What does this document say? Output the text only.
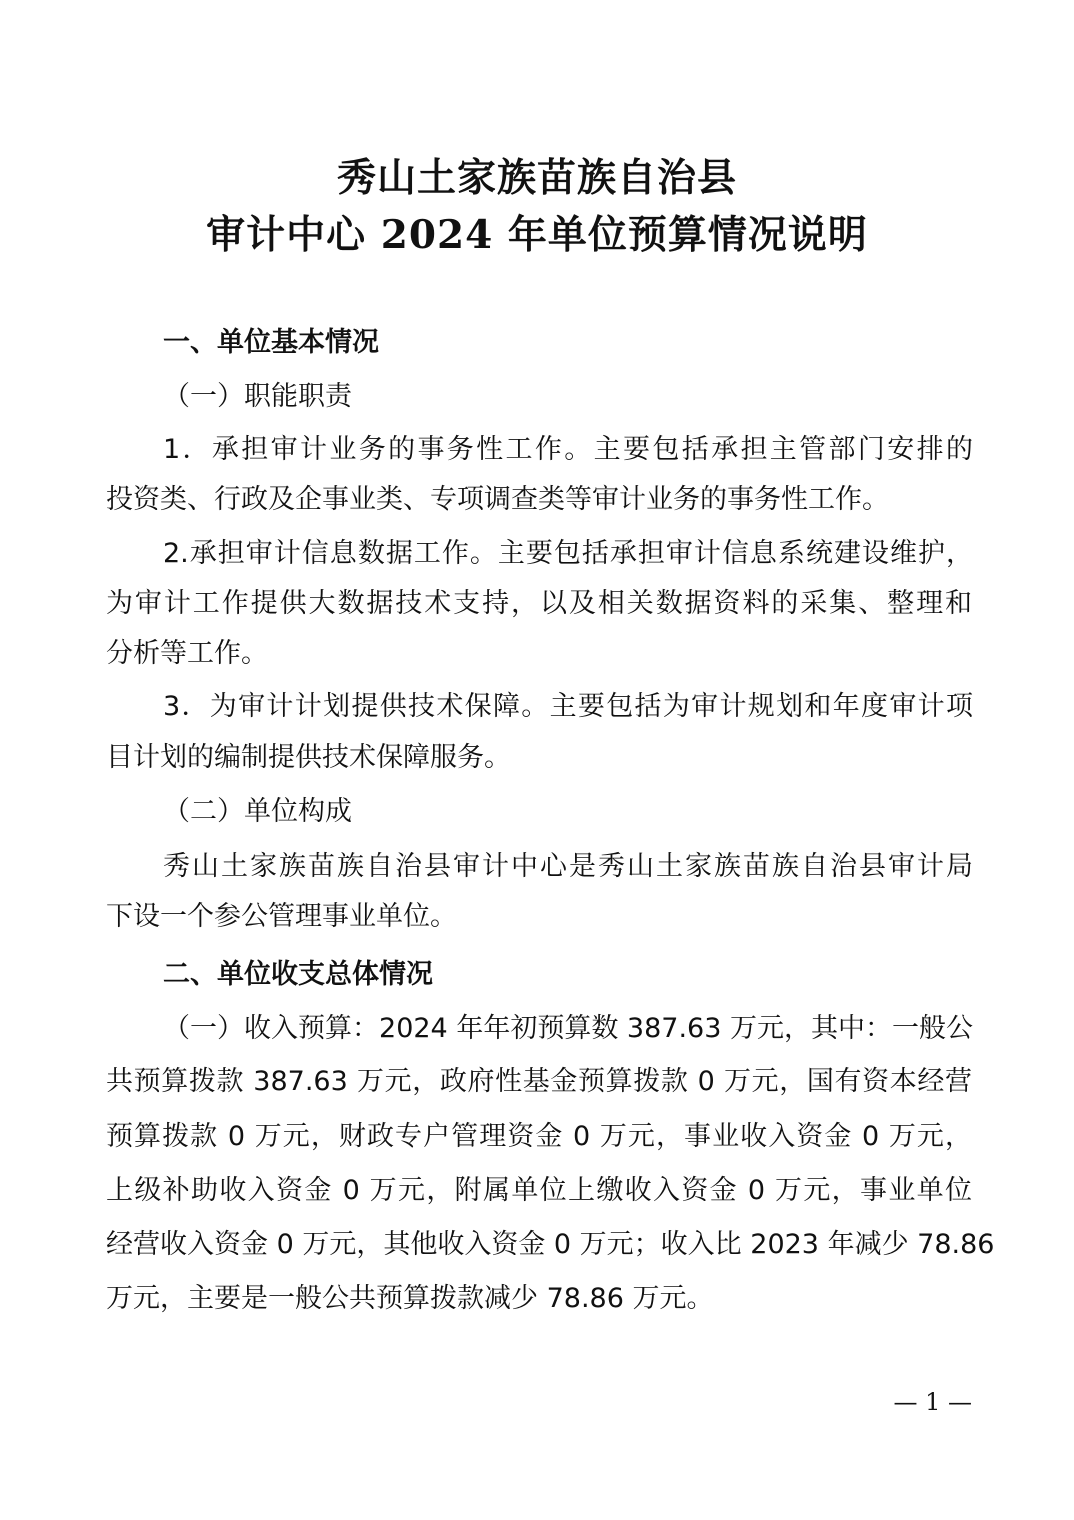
秀山土家族苗族自治县
审计中心 2024 年单位预算情况说明
一、单位基本情况
（一）职能职责
1．承担审计业务的事务性工作。主要包括承担主管部门安排的
投资类、行政及企事业类、专项调查类等审计业务的事务性工作。
2.承担审计信息数据工作。主要包括承担审计信息系统建设维护，
为审计工作提供大数据技术支持，以及相关数据资料的采集、整理和
分析等工作。
3．为审计计划提供技术保障。主要包括为审计规划和年度审计项
目计划的编制提供技术保障服务。
（二）单位构成
秀山土家族苗族自治县审计中心是秀山土家族苗族自治县审计局
下设一个参公管理事业单位。
二、单位收支总体情况
（一）收入预算：2024 年年初预算数 387.63 万元，其中：一般公
共预算拨款 387.63 万元，政府性基金预算拨款 0 万元，国有资本经营
预算拨款 0 万元，财政专户管理资金 0 万元，事业收入资金 0 万元，
上级补助收入资金 0 万元，附属单位上缴收入资金 0 万元，事业单位
经营收入资金 0 万元，其他收入资金 0 万元；收入比 2023 年减少 78.86
万元，主要是一般公共预算拨款减少 78.86 万元。
— 1 —
